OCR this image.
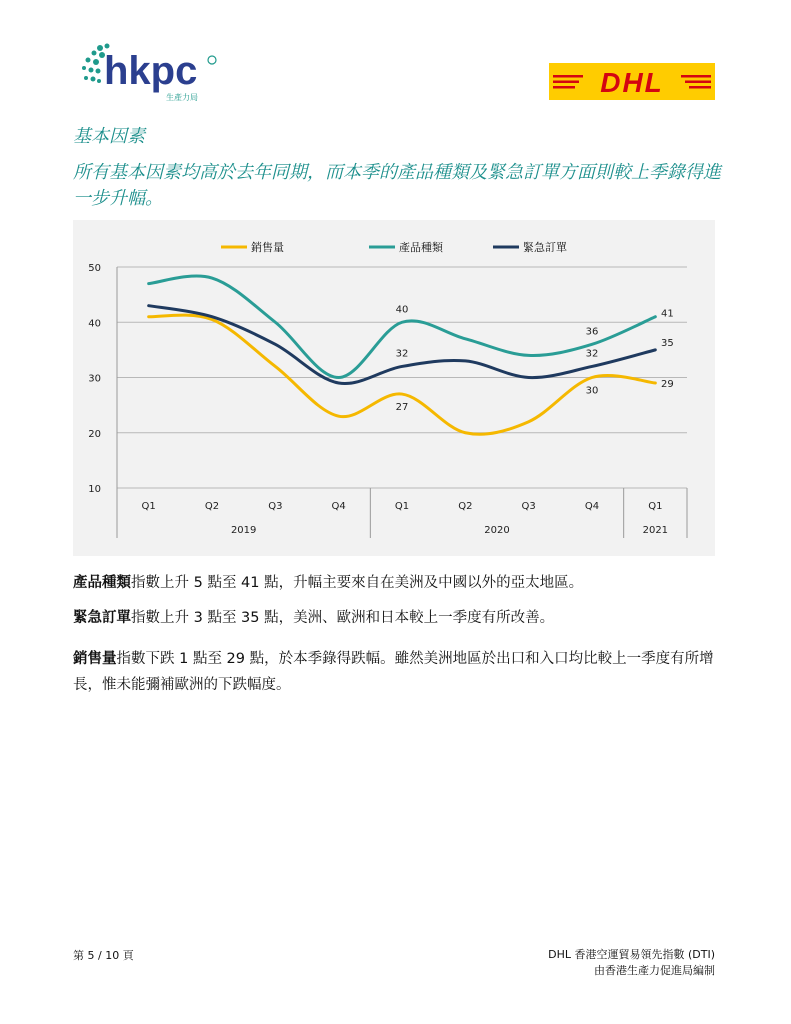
hkpc
生產力局	DHL
基本因素
所有基本因素均高於去年同期，而本季的產品種類及緊急訂單方面則較上季錄得進一步升幅。
10
20
30
40
50
2019	2020	2021
Q1	Q2	Q3	Q4	Q1	Q2	Q3	Q4	Q1
27
30
29
40
36
41
32	32
35
銷售量	產品種類	緊急訂單

產品種類指數上升 5 點至 41 點，升幅主要來自在美洲及中國以外的亞太地區。

緊急訂單指數上升 3 點至 35 點，美洲、歐洲和日本較上一季度有所改善。

銷售量指數下跌 1 點至 29 點，於本季錄得跌幅。雖然美洲地區於出口和入口均比較上一季度有所增長，惟未能彌補歐洲的下跌幅度。

第 5 / 10 頁	DHL 香港空運貿易領先指數 (DTI)
由香港生產力促進局編制
